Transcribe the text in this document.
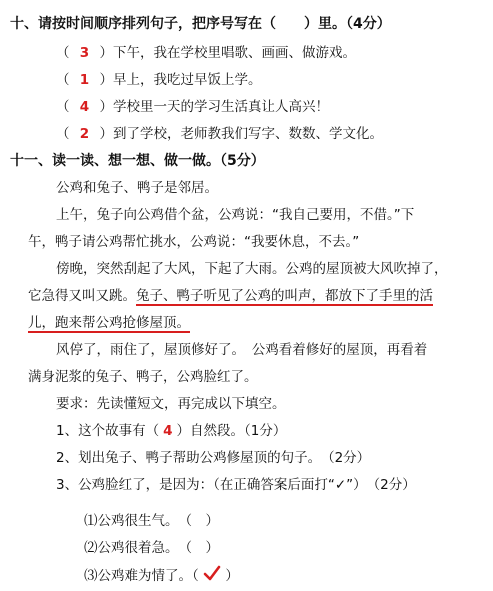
十、请按时间顺序排列句子，把序号写在（　　）里。（4分）
（ 3 ）下午，我在学校里唱歌、画画、做游戏。
（ 1 ）早上，我吃过早饭上学。
（ 4 ）学校里一天的学习生活真让人高兴！
（ 2 ）到了学校，老师教我们写字、数数、学文化。
十一、读一读、想一想、做一做。（5分）
公鸡和兔子、鸭子是邻居。
上午，兔子向公鸡借个盆，公鸡说：“我自己要用，不借。”下
午，鸭子请公鸡帮忙挑水，公鸡说：“我要休息，不去。”
傍晚，突然刮起了大风，下起了大雨。公鸡的屋顶被大风吹掉了，
它急得又叫又跳。兔子、鸭子听见了公鸡的叫声，都放下了手里的活
儿，跑来帮公鸡抢修屋顶。
风停了，雨住了，屋顶修好了。　公鸡看着修好的屋顶，再看着
满身泥浆的兔子、鸭子，公鸡脸红了。
要求：先读懂短文，再完成以下填空。
1、这个故事有（ 4 ）自然段。（1分）
2、划出兔子、鸭子帮助公鸡修屋顶的句子。　（2分）
3、公鸡脸红了，是因为：（在正确答案后面打“✓”）　（2分）
⑴公鸡很生气。　（　）
⑵公鸡很着急。　（　）
⑶公鸡难为情了。（ ）
